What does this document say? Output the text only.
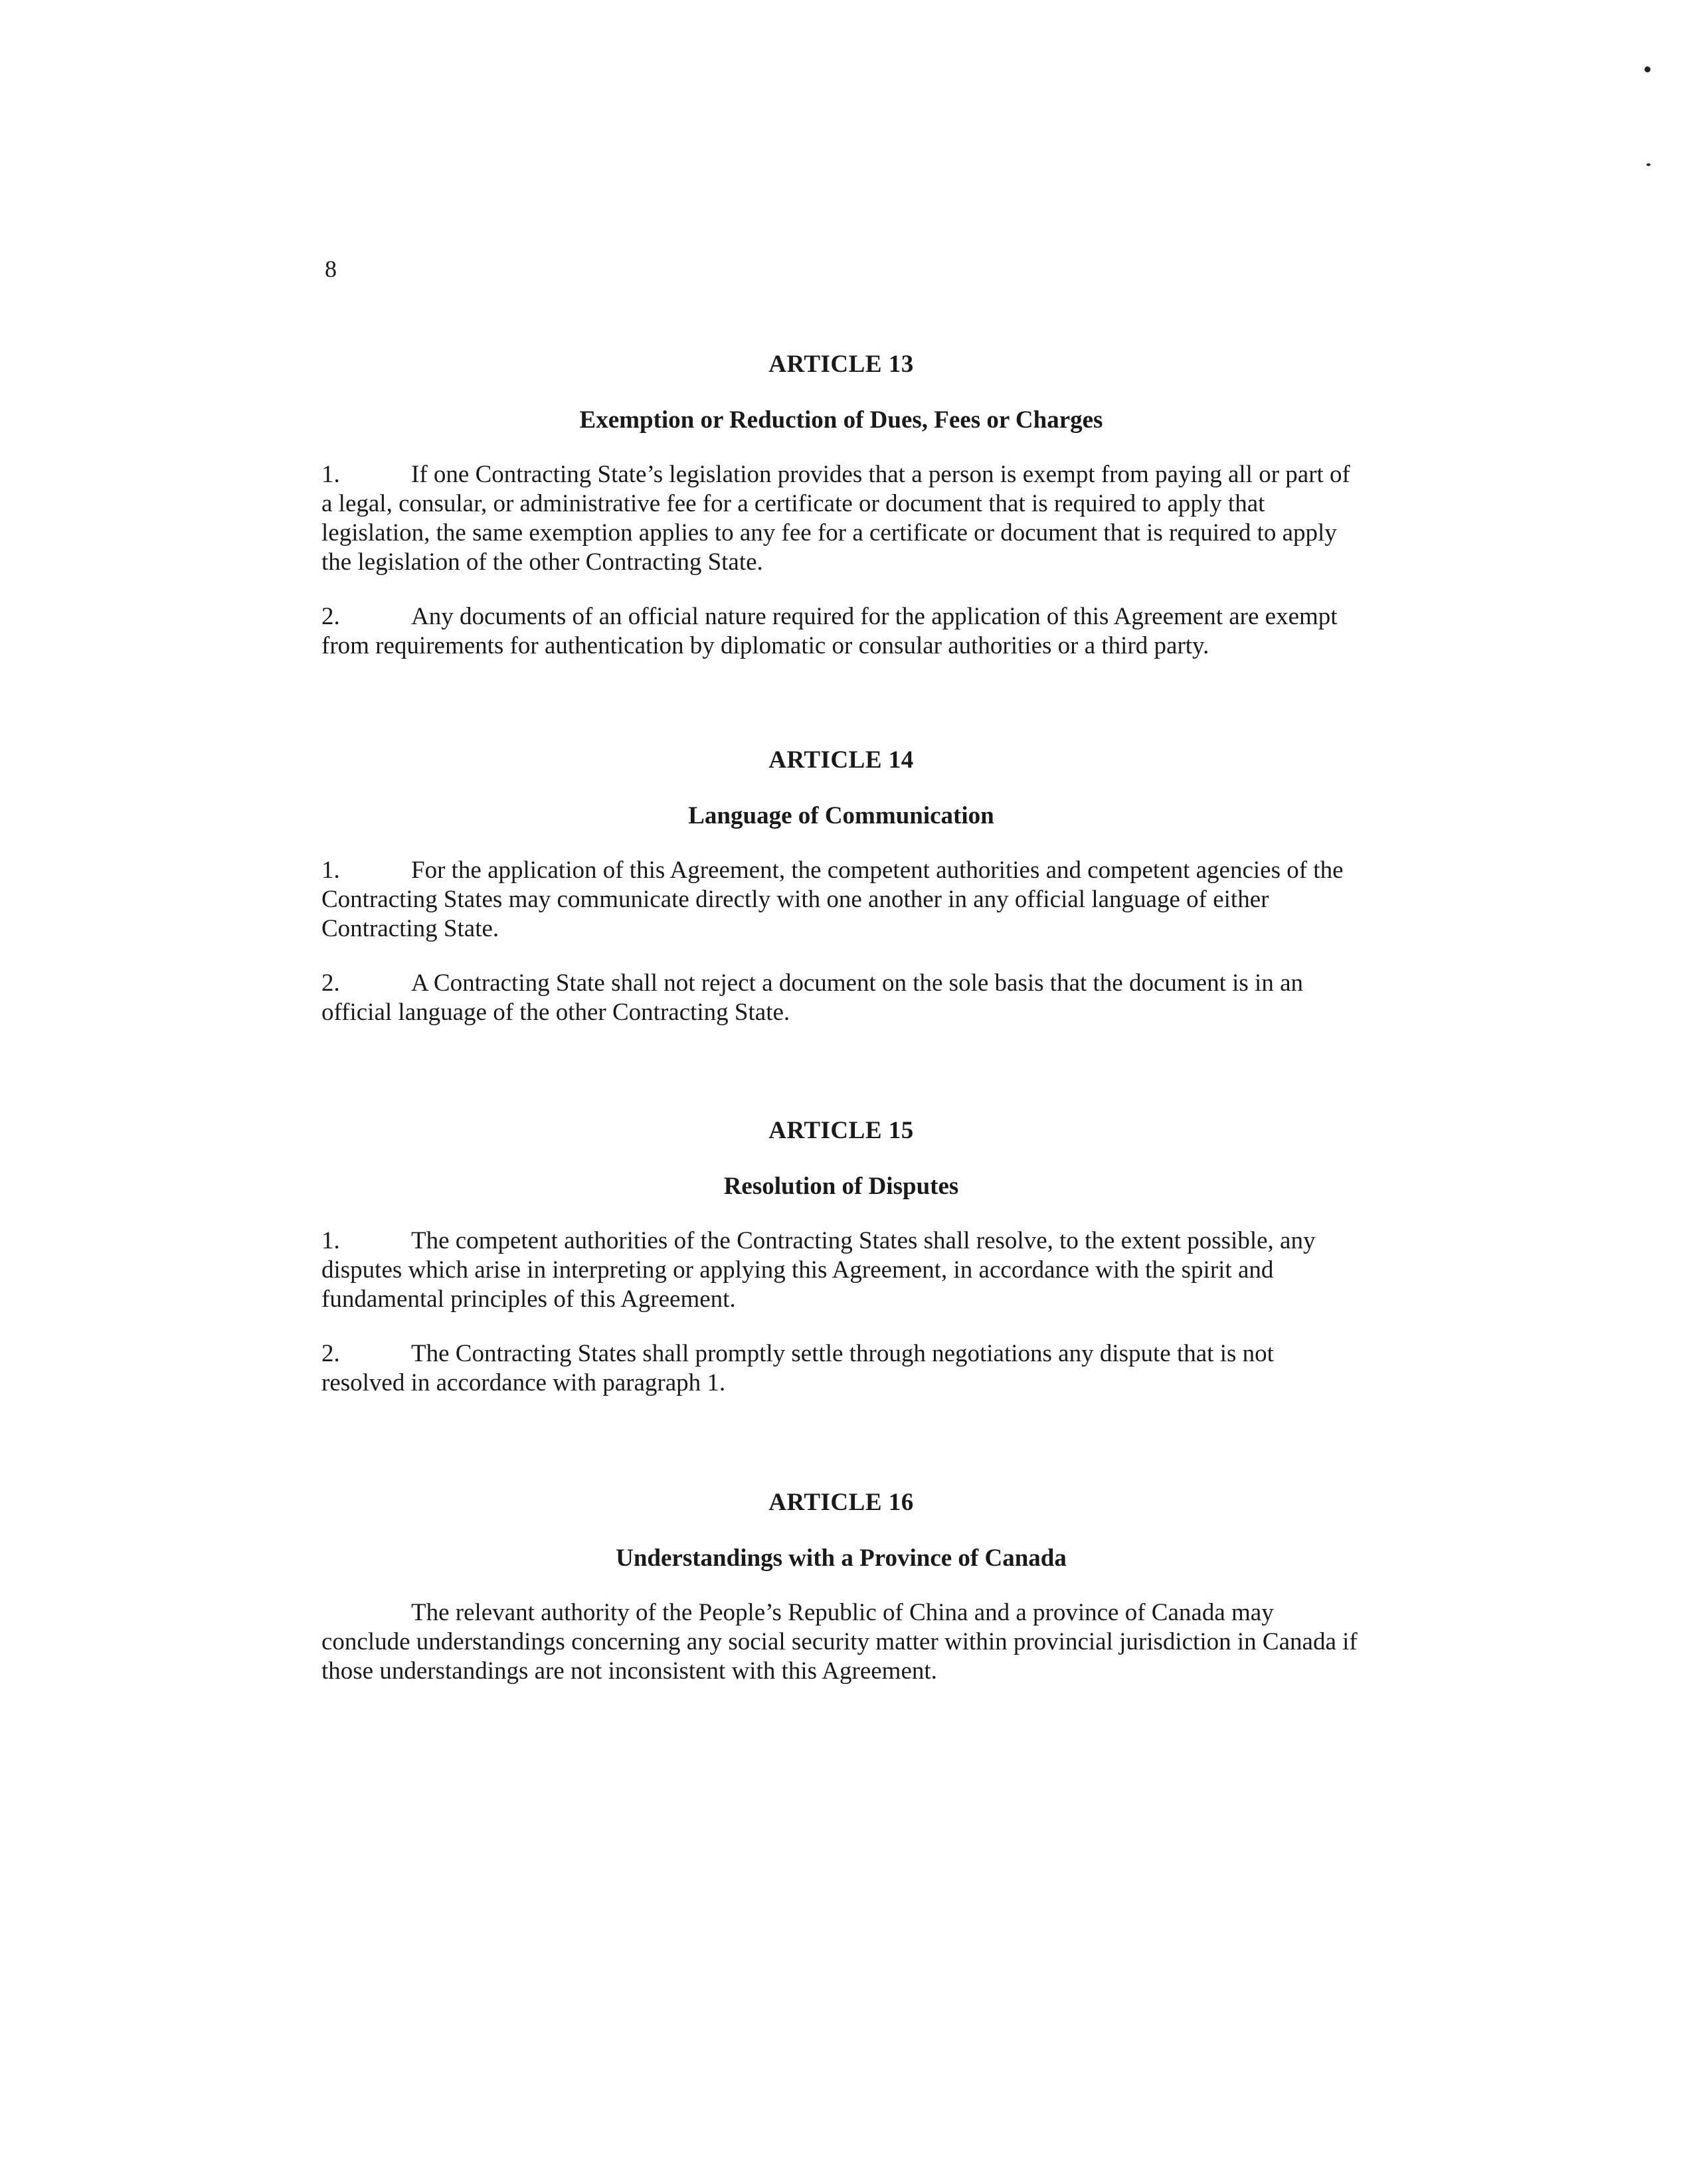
8
ARTICLE 13
Exemption or Reduction of Dues, Fees or Charges

1.	If one Contracting State’s legislation provides that a person is exempt from paying all or part of a legal, consular, or administrative fee for a certificate or document that is required to apply that legislation, the same exemption applies to any fee for a certificate or document that is required to apply the legislation of the other Contracting State.

2.	Any documents of an official nature required for the application of this Agreement are exempt from requirements for authentication by diplomatic or consular authorities or a third party.

ARTICLE 14
Language of Communication

1.	For the application of this Agreement, the competent authorities and competent agencies of the Contracting States may communicate directly with one another in any official language of either Contracting State.

2.	A Contracting State shall not reject a document on the sole basis that the document is in an official language of the other Contracting State.

ARTICLE 15
Resolution of Disputes

1.	The competent authorities of the Contracting States shall resolve, to the extent possible, any disputes which arise in interpreting or applying this Agreement, in accordance with the spirit and fundamental principles of this Agreement.

2.	The Contracting States shall promptly settle through negotiations any dispute that is not resolved in accordance with paragraph 1.

ARTICLE 16
Understandings with a Province of Canada

The relevant authority of the People’s Republic of China and a province of Canada may conclude understandings concerning any social security matter within provincial jurisdiction in Canada if those understandings are not inconsistent with this Agreement.
